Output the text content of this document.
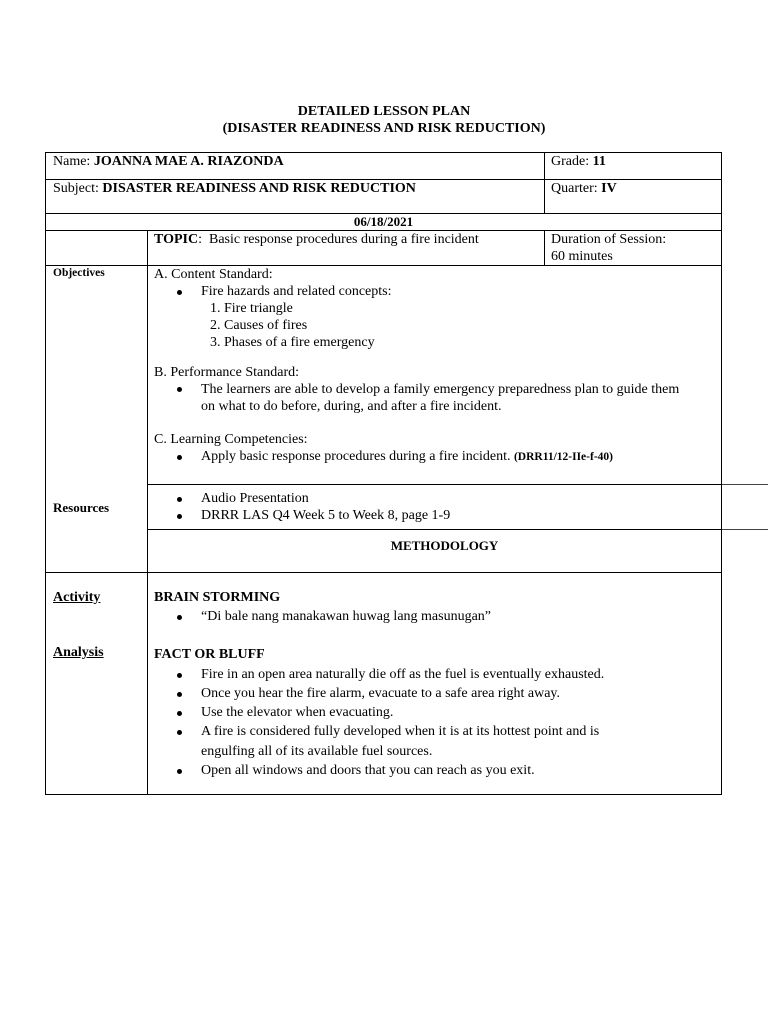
DETAILED LESSON PLAN
(DISASTER READINESS AND RISK REDUCTION)
Name: JOANNA MAE A. RIAZONDA	Grade: 11
Subject: DISASTER READINESS AND RISK REDUCTION	Quarter: IV
06/18/2021
TOPIC: Basic response procedures during a fire incident	Duration of Session:
60 minutes
Objectives	A. Content Standard:
Fire hazards and related concepts:
1. Fire triangle
2. Causes of fires
3. Phases of a fire emergency
B. Performance Standard:
The learners are able to develop a family emergency preparedness plan to guide them
on what to do before, during, and after a fire incident.
C. Learning Competencies:
Apply basic response procedures during a fire incident. (DRR11/12-IIe-f-40)
Resources
Audio Presentation
DRRR LAS Q4 Week 5 to Week 8, page 1-9
METHODOLOGY
Activity	BRAIN STORMING
“Di bale nang manakawan huwag lang masunugan”
Analysis	FACT OR BLUFF
Fire in an open area naturally die off as the fuel is eventually exhausted.
Once you hear the fire alarm, evacuate to a safe area right away.
Use the elevator when evacuating.
A fire is considered fully developed when it is at its hottest point and is
engulfing all of its available fuel sources.
Open all windows and doors that you can reach as you exit.
